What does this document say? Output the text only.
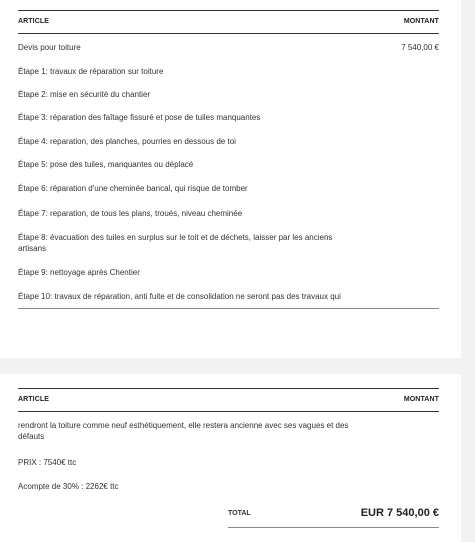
ARTICLE	MONTANT
Devis pour toiture	7 540,00 €
Étape 1: travaux de réparation sur toiture
Étape 2: mise en sécurité du chantier
Étape 3: réparation des faîtage fissuré et pose de tuiles manquantes
Étape 4: reparation, des planches, pourries en dessous de toi
Étape 5: pose des tuiles, manquantes ou déplacé
Étape 6: réparation d'une cheminée bancal, qui risque de tomber
Étape 7: reparation, de tous les plans, troués, niveau cheminée
Étape 8: évacuation des tuiles en surplus sur le toit et de déchets, laisser par les anciens artisans
Étape 9: nettoyage après Chentier
Étape 10: travaux de réparation, anti fuite et de consolidation ne seront pas des travaux qui
ARTICLE	MONTANT
rendront la toiture comme neuf esthétiquement, elle restera ancienne avec ses vagues et des défauts
PRIX : 7540€ ttc
Acompte de 30% : 2262€ ttc
TOTAL	EUR 7 540,00 €
